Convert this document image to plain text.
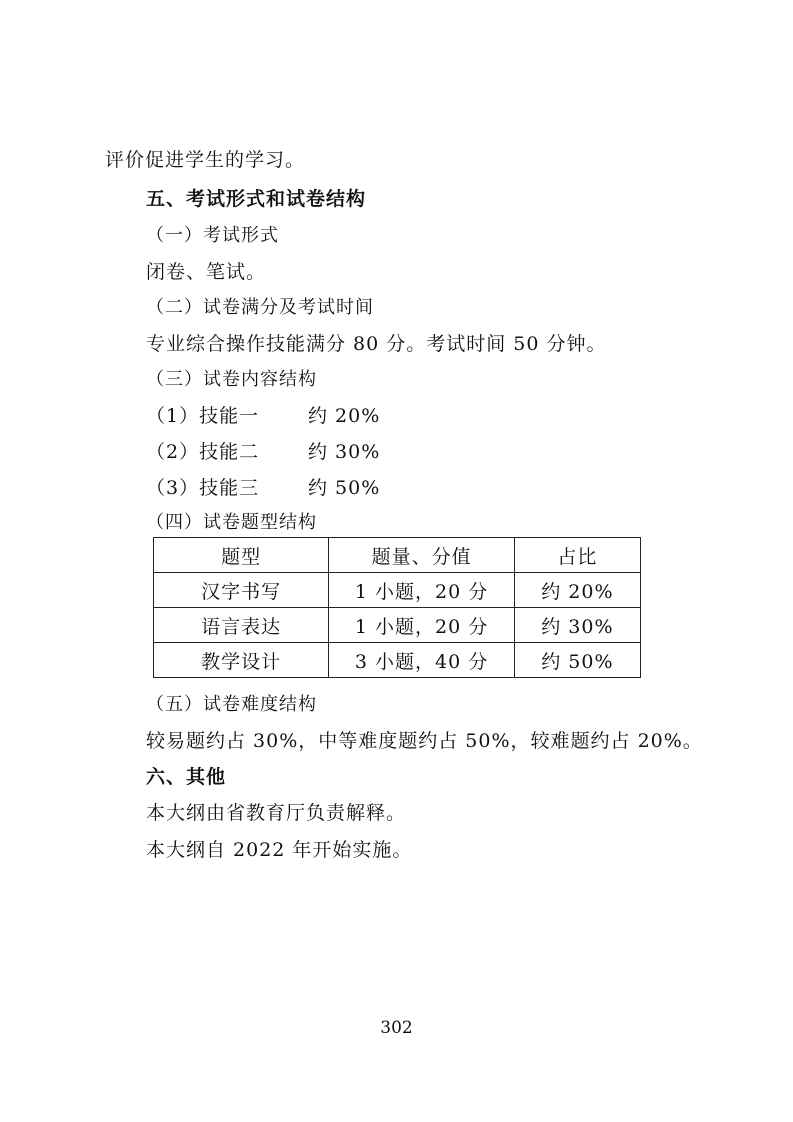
评价促进学生的学习。
五、考试形式和试卷结构
（一）考试形式
闭卷、笔试。
（二）试卷满分及考试时间
专业综合操作技能满分 80 分。考试时间 50 分钟。
（三）试卷内容结构
（1）技能一	约 20%
（2）技能二	约 30%
（3）技能三	约 50%
（四）试卷题型结构
题型	题量、分值	占比
汉字书写	1 小题，20 分	约 20%
语言表达	1 小题，20 分	约 30%
教学设计	3 小题，40 分	约 50%
（五）试卷难度结构
较易题约占 30%，中等难度题约占 50%，较难题约占 20%。
六、其他
本大纲由省教育厅负责解释。
本大纲自 2022 年开始实施。
302
